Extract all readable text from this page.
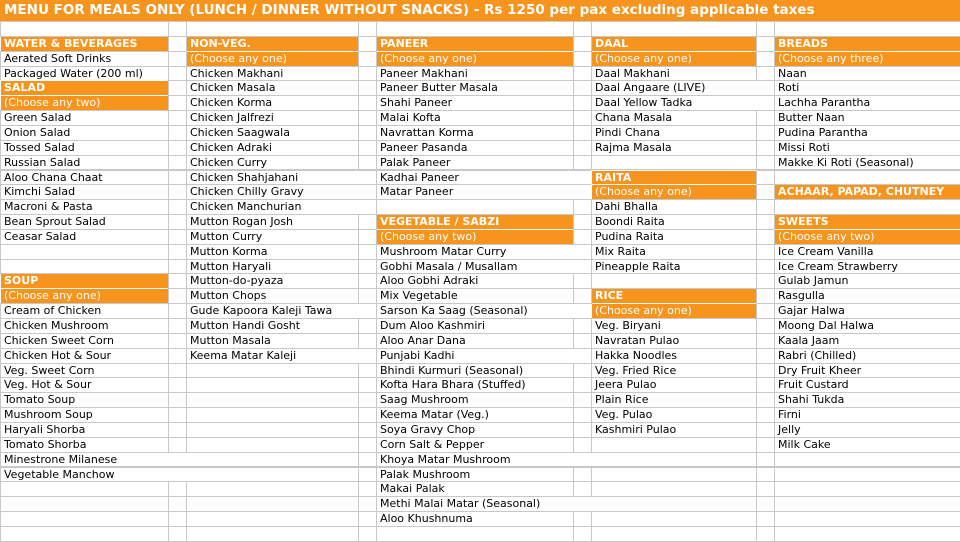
MENU FOR MEALS ONLY (LUNCH / DINNER WITHOUT SNACKS) - Rs 1250 per pax excluding applicable taxes
WATER & BEVERAGES
Aerated Soft Drinks
Packaged Water (200 ml)
SALAD
(Choose any two)
Green Salad
Onion Salad
Tossed Salad
Russian Salad
Aloo Chana Chaat
Kimchi Salad
Macroni & Pasta
Bean Sprout Salad
Ceasar Salad
SOUP
(Choose any one)
Cream of Chicken
Chicken Mushroom
Chicken Sweet Corn
Chicken Hot & Sour
Veg. Sweet Corn
Veg. Hot & Sour
Tomato Soup
Mushroom Soup
Haryali Shorba
Tomato Shorba
Minestrone Milanese
Vegetable Manchow
NON-VEG.
(Choose any one)
Chicken Makhani
Chicken Masala
Chicken Korma
Chicken Jalfrezi
Chicken Saagwala
Chicken Adraki
Chicken Curry
Chicken Shahjahani
Chicken Chilly Gravy
Chicken Manchurian
Mutton Rogan Josh
Mutton Curry
Mutton Korma
Mutton Haryali
Mutton-do-pyaza
Mutton Chops
Gude Kapoora Kaleji Tawa
Mutton Handi Gosht
Mutton Masala
Keema Matar Kaleji
PANEER
(Choose any one)
Paneer Makhani
Paneer Butter Masala
Shahi Paneer
Malai Kofta
Navrattan Korma
Paneer Pasanda
Palak Paneer
Kadhai Paneer
Matar Paneer
VEGETABLE / SABZI
(Choose any two)
Mushroom Matar Curry
Gobhi Masala / Musallam
Aloo Gobhi Adraki
Mix Vegetable
Sarson Ka Saag (Seasonal)
Dum Aloo Kashmiri
Aloo Anar Dana
Punjabi Kadhi
Bhindi Kurmuri (Seasonal)
Kofta Hara Bhara (Stuffed)
Saag Mushroom
Keema Matar (Veg.)
Soya Gravy Chop
Corn Salt & Pepper
Khoya Matar Mushroom
Palak Mushroom
Makai Palak
Methi Malai Matar (Seasonal)
Aloo Khushnuma
DAAL
(Choose any one)
Daal Makhani
Daal Angaare (LIVE)
Daal Yellow Tadka
Chana Masala
Pindi Chana
Rajma Masala
RAITA
(Choose any one)
Dahi Bhalla
Boondi Raita
Pudina Raita
Mix Raita
Pineapple Raita
RICE
(Choose any one)
Veg. Biryani
Navratan Pulao
Hakka Noodles
Veg. Fried Rice
Jeera Pulao
Plain Rice
Veg. Pulao
Kashmiri Pulao
BREADS
(Choose any three)
Naan
Roti
Lachha Parantha
Butter Naan
Pudina Parantha
Missi Roti
Makke Ki Roti (Seasonal)
ACHAAR, PAPAD, CHUTNEY
SWEETS
(Choose any two)
Ice Cream Vanilla
Ice Cream Strawberry
Gulab Jamun
Rasgulla
Gajar Halwa
Moong Dal Halwa
Kaala Jaam
Rabri (Chilled)
Dry Fruit Kheer
Fruit Custard
Shahi Tukda
Firni
Jelly
Milk Cake
